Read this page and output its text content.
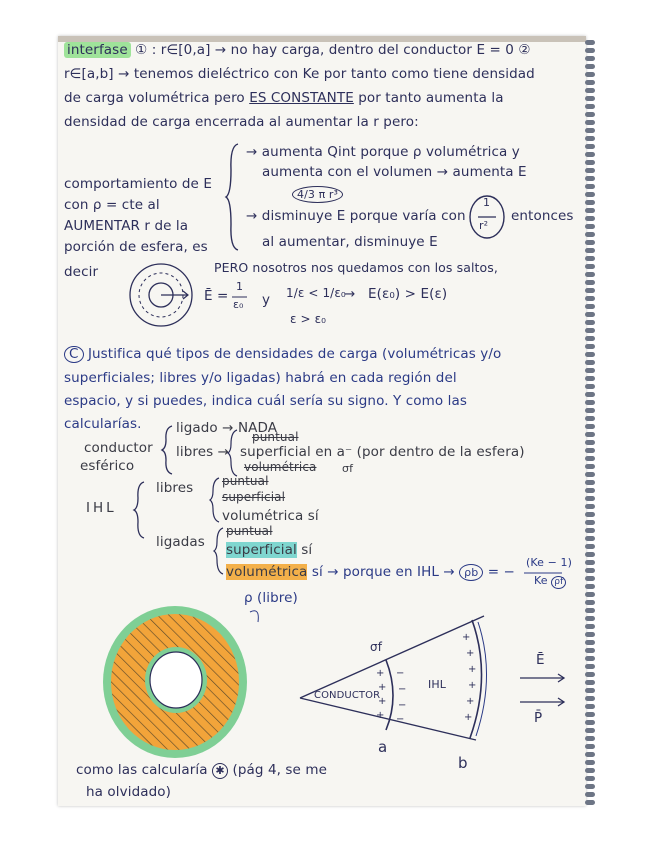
interfase ① : r∈[0,a] → no hay carga, dentro del conductor E = 0 ②

r∈[a,b] → tenemos dieléctrico con Ke por tanto como tiene densidad

de carga volumétrica pero ES CONSTANTE por tanto aumenta la

densidad de carga encerrada al aumentar la r pero:

comportamiento de E

con ρ = cte al

AUMENTAR r de la

porción de esfera, es

decir

→ aumenta Qint porque ρ volumétrica y

aumenta con el volumen → aumenta E

4/3 π r³

→ disminuye E porque varía con

1

r²

entonces

al aumentar, disminuye E

PERO nosotros nos quedamos con los saltos,

Ē =

1

ε₀ y 1/ε < 1/ε₀

→ E(ε₀) > E(ε)

ε > ε₀

C Justifica qué tipos de densidades de carga (volumétricas y/o

superficiales; libres y/o ligadas) habrá en cada región del

espacio, y si puedes, indica cuál sería su signo. Y como las

calcularías.

conductor

esférico

ligado → NADA

puntual

libres → superficial en a⁻ (por dentro de la esfera)

volumétrica σf

IHL

libres puntual

superficial

volumétrica sí

ligadas

puntual

superficial sí

volumétrica sí → porque en IHL → ρb = −

(Ke − 1)

Ke ρf

ρ (libre)

+
+
+
+
−
−
−
−
+
+
+
+
+
+

σf

CONDUCTOR

IHL

a

b

Ē

P̄

como las calcularía ✱ (pág 4, se me

ha olvidado)
